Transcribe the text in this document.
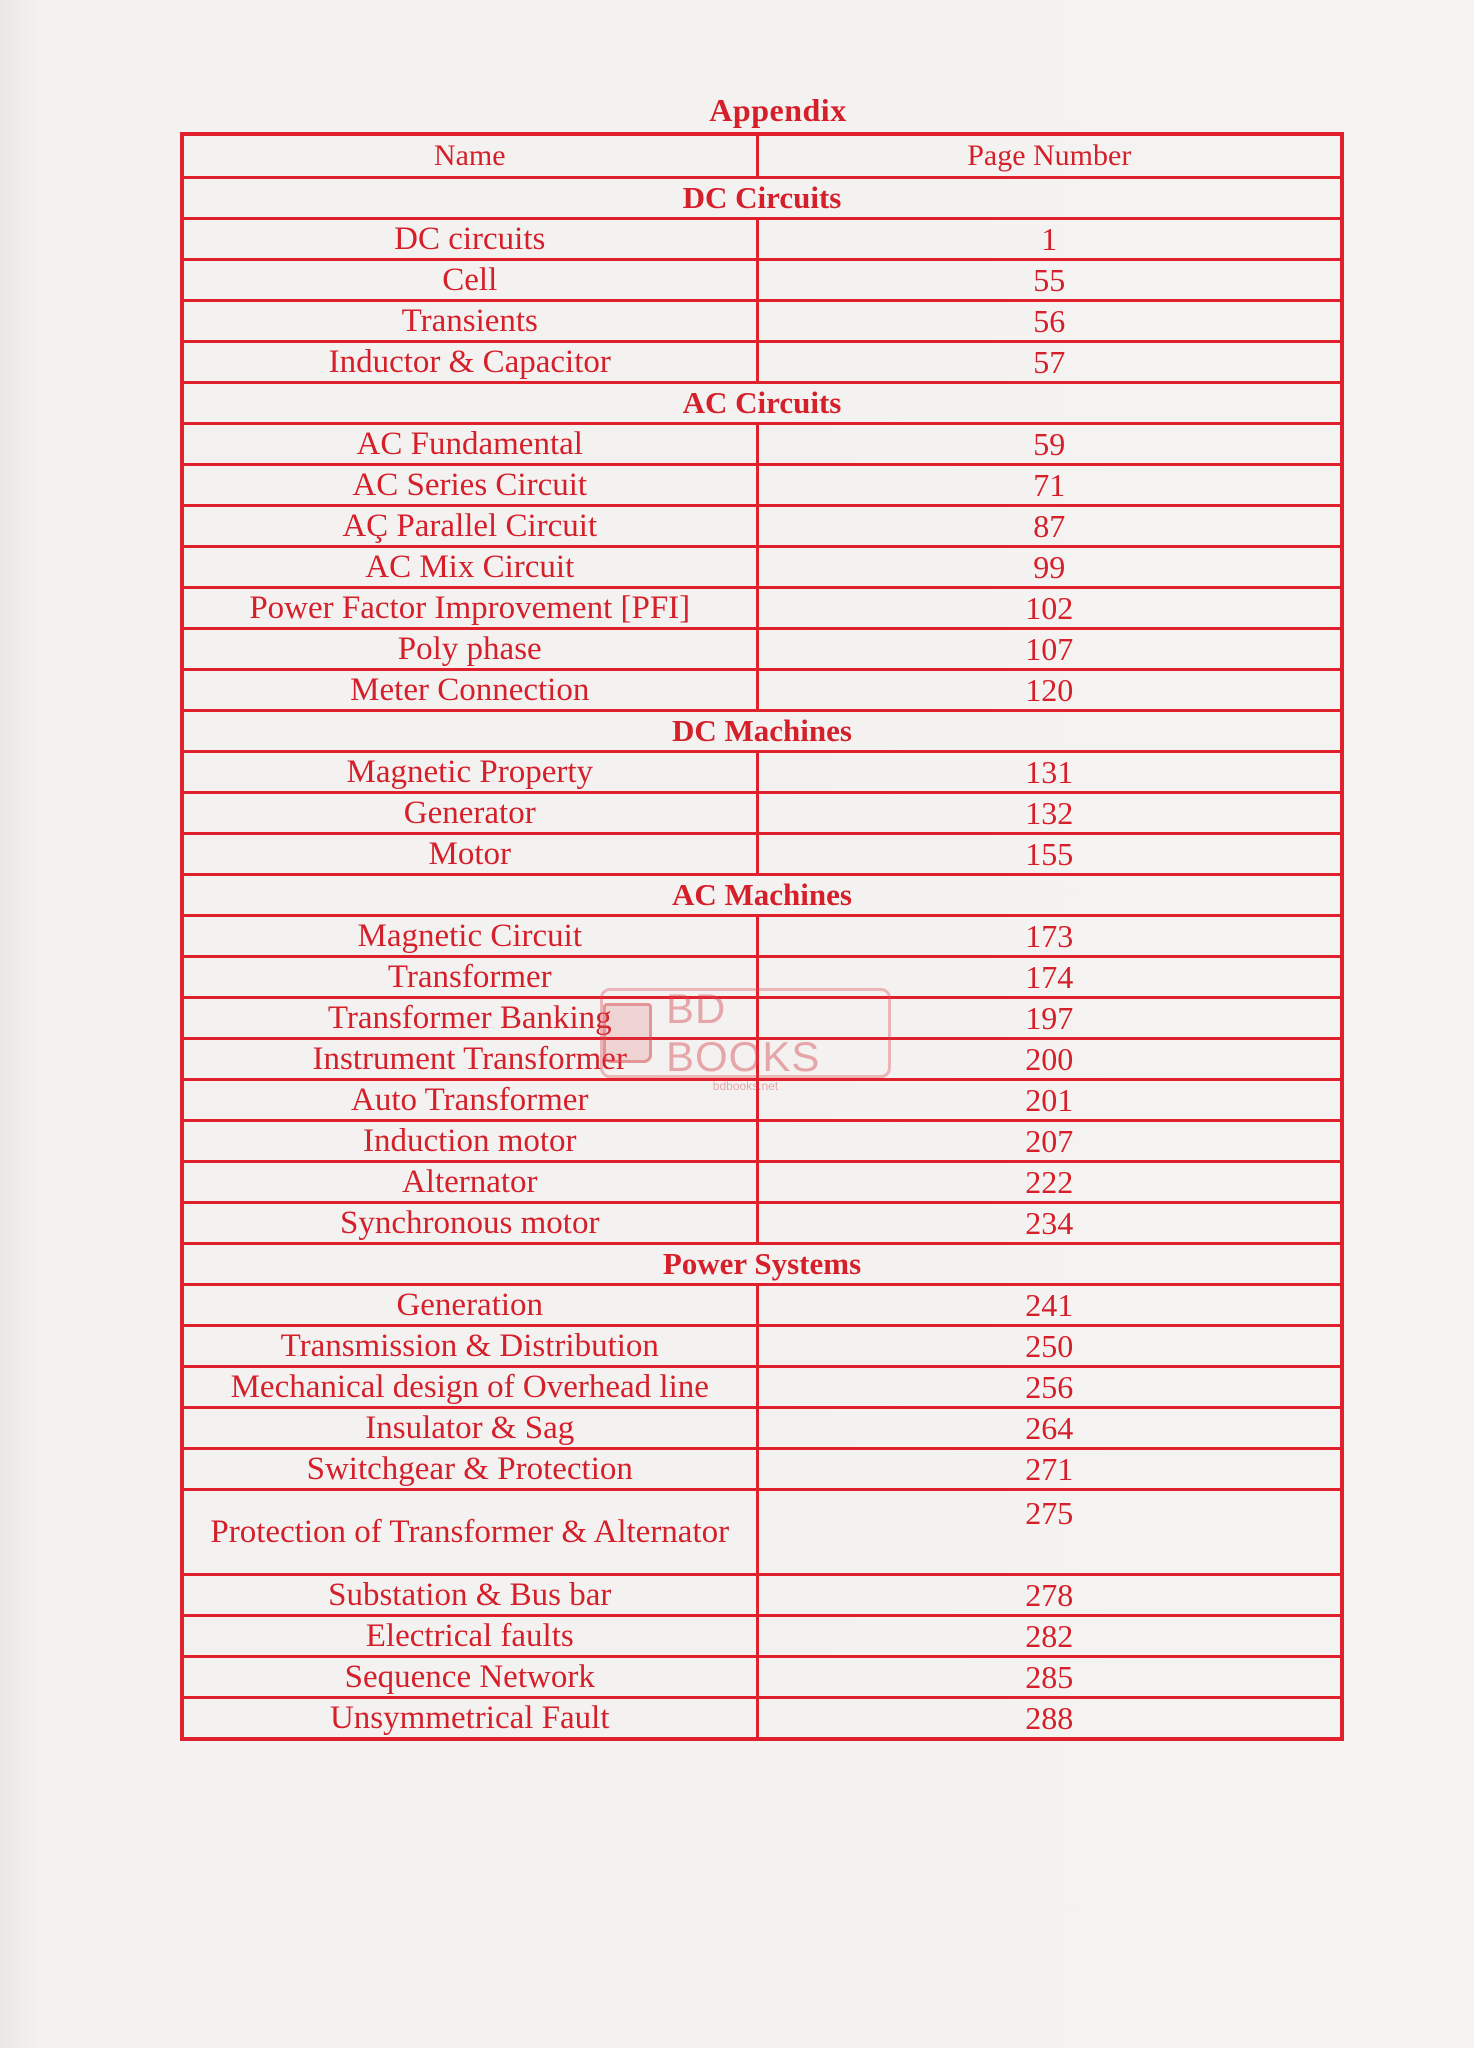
Appendix
Name	Page Number
DC Circuits	
DC circuits	1
Cell	55
Transients	56
Inductor & Capacitor	57
AC Circuits	
AC Fundamental	59
AC Series Circuit	71
AÇ Parallel Circuit	87
AC Mix Circuit	99
Power Factor Improvement [PFI]	102
Poly phase	107
Meter Connection	120
DC Machines	
Magnetic Property	131
Generator	132
Motor	155
AC Machines	
Magnetic Circuit	173
Transformer	174
Transformer Banking	197
Instrument Transformer	200
Auto Transformer	201
Induction motor	207
Alternator	222
Synchronous motor	234
Power Systems	
Generation	241
Transmission & Distribution	250
Mechanical design of Overhead line	256
Insulator & Sag	264
Switchgear & Protection	271
Protection of Transformer & Alternator	275
Substation & Bus bar	278
Electrical faults	282
Sequence Network	285
Unsymmetrical Fault	288
BD BOOKS
bdbooks.net
